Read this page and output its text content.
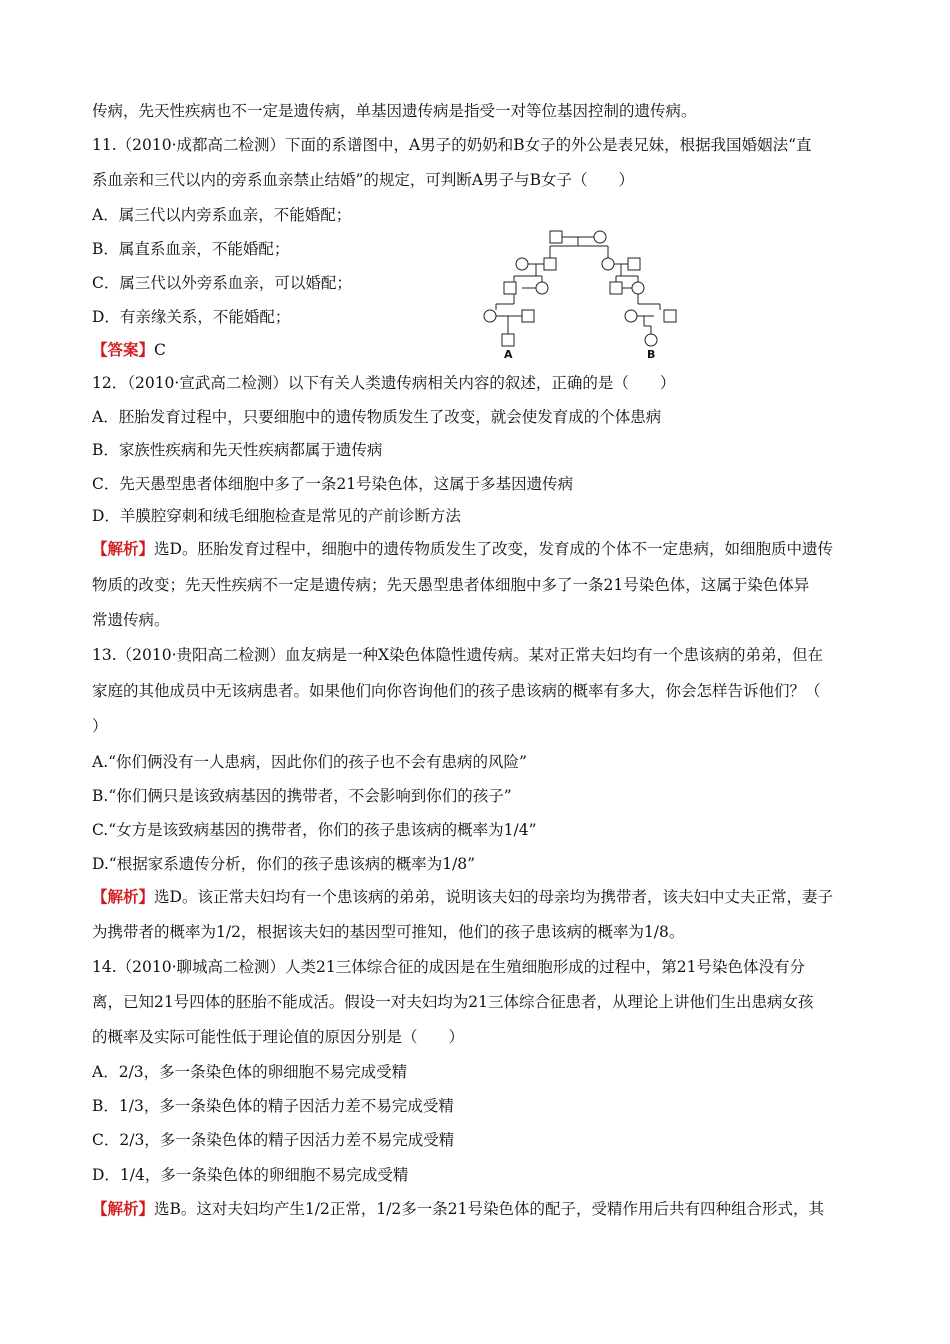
传病，先天性疾病也不一定是遗传病，单基因遗传病是指受一对等位基因控制的遗传病。
11.（2010·成都高二检测）下面的系谱图中，A男子的奶奶和B女子的外公是表兄妹，根据我国婚姻法“直
系血亲和三代以内的旁系血亲禁止结婚”的规定，可判断A男子与B女子（　　）
A．属三代以内旁系血亲，不能婚配；
B．属直系血亲，不能婚配；
C．属三代以外旁系血亲，可以婚配；
D．有亲缘关系，不能婚配；
【答案】C
12．（2010·宣武高二检测）以下有关人类遗传病相关内容的叙述，正确的是（　　）
A．胚胎发育过程中，只要细胞中的遗传物质发生了改变，就会使发育成的个体患病
B．家族性疾病和先天性疾病都属于遗传病
C．先天愚型患者体细胞中多了一条21号染色体，这属于多基因遗传病
D．羊膜腔穿刺和绒毛细胞检查是常见的产前诊断方法
【解析】选D。胚胎发育过程中，细胞中的遗传物质发生了改变，发育成的个体不一定患病，如细胞质中遗传
物质的改变；先天性疾病不一定是遗传病；先天愚型患者体细胞中多了一条21号染色体，这属于染色体异
常遗传病。
13.（2010·贵阳高二检测）血友病是一种X染色体隐性遗传病。某对正常夫妇均有一个患该病的弟弟，但在
家庭的其他成员中无该病患者。如果他们向你咨询他们的孩子患该病的概率有多大，你会怎样告诉他们？（
）
A.“你们俩没有一人患病，因此你们的孩子也不会有患病的风险”
B.“你们俩只是该致病基因的携带者，不会影响到你们的孩子”
C.“女方是该致病基因的携带者，你们的孩子患该病的概率为1/4”
D.“根据家系遗传分析，你们的孩子患该病的概率为1/8”
【解析】选D。该正常夫妇均有一个患该病的弟弟，说明该夫妇的母亲均为携带者，该夫妇中丈夫正常，妻子
为携带者的概率为1/2，根据该夫妇的基因型可推知，他们的孩子患该病的概率为1/8。
14.（2010·聊城高二检测）人类21三体综合征的成因是在生殖细胞形成的过程中，第21号染色体没有分
离，已知21号四体的胚胎不能成活。假设一对夫妇均为21三体综合征患者，从理论上讲他们生出患病女孩
的概率及实际可能性低于理论值的原因分别是（　　）
A．2/3，多一条染色体的卵细胞不易完成受精
B．1/3，多一条染色体的精子因活力差不易完成受精
C．2/3，多一条染色体的精子因活力差不易完成受精
D．1/4，多一条染色体的卵细胞不易完成受精
【解析】选B。这对夫妇均产生1/2正常，1/2多一条21号染色体的配子，受精作用后共有四种组合形式，其
A	B
